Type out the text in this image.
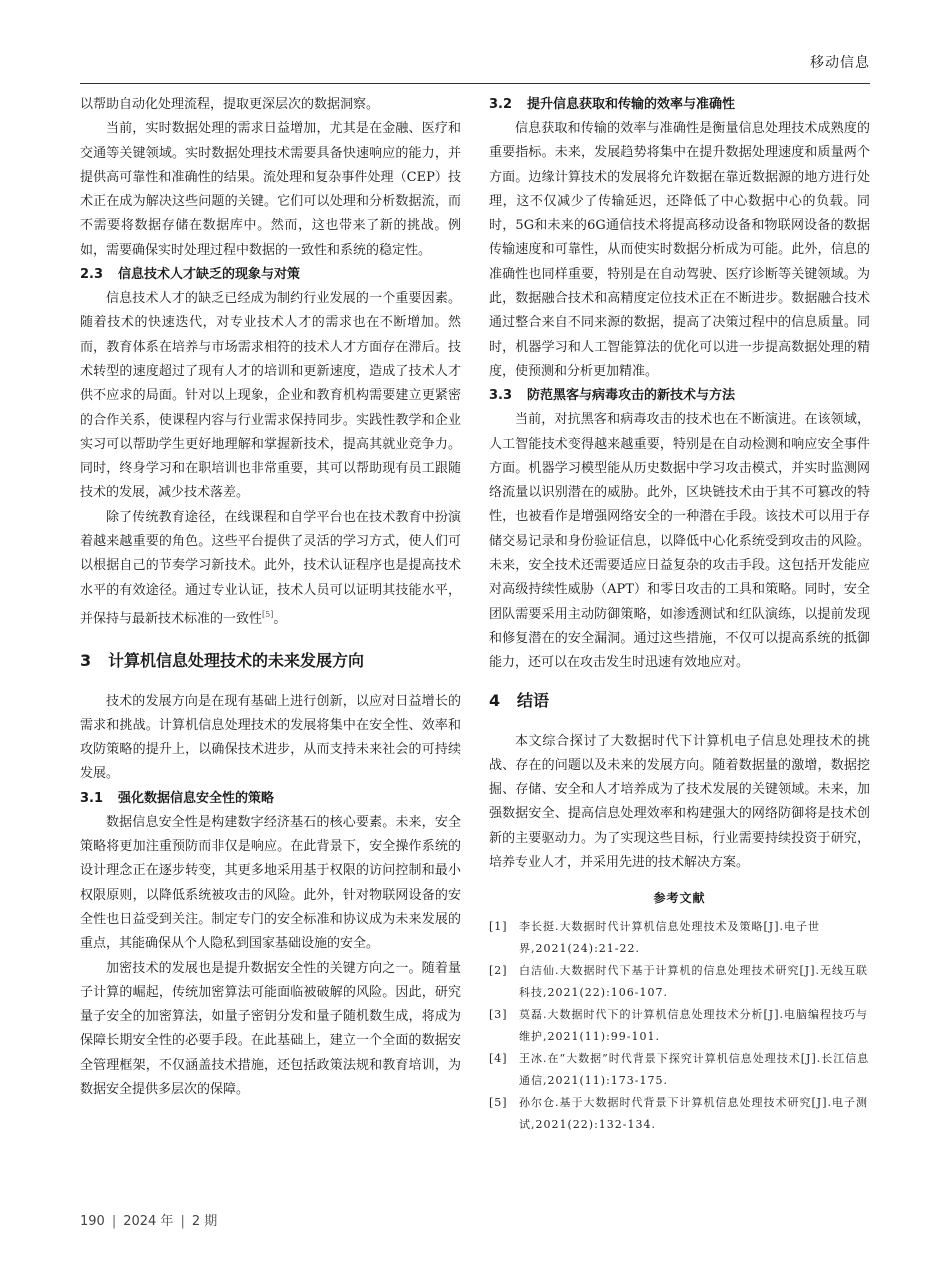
移动信息

以帮助自动化处理流程，提取更深层次的数据洞察。

当前，实时数据处理的需求日益增加，尤其是在金融、医疗和交通等关键领域。实时数据处理技术需要具备快速响应的能力，并提供高可靠性和准确性的结果。流处理和复杂事件处理（CEP）技术正在成为解决这些问题的关键。它们可以处理和分析数据流，而不需要将数据存储在数据库中。然而，这也带来了新的挑战。例如，需要确保实时处理过程中数据的一致性和系统的稳定性。

2.3 信息技术人才缺乏的现象与对策

信息技术人才的缺乏已经成为制约行业发展的一个重要因素。随着技术的快速迭代，对专业技术人才的需求也在不断增加。然而，教育体系在培养与市场需求相符的技术人才方面存在滞后。技术转型的速度超过了现有人才的培训和更新速度，造成了技术人才供不应求的局面。针对以上现象，企业和教育机构需要建立更紧密的合作关系，使课程内容与行业需求保持同步。实践性教学和企业实习可以帮助学生更好地理解和掌握新技术，提高其就业竞争力。同时，终身学习和在职培训也非常重要，其可以帮助现有员工跟随技术的发展，减少技术落差。

除了传统教育途径，在线课程和自学平台也在技术教育中扮演着越来越重要的角色。这些平台提供了灵活的学习方式，使人们可以根据自己的节奏学习新技术。此外，技术认证程序也是提高技术水平的有效途径。通过专业认证，技术人员可以证明其技能水平，并保持与最新技术标准的一致性[5]。

3 计算机信息处理技术的未来发展方向

技术的发展方向是在现有基础上进行创新，以应对日益增长的需求和挑战。计算机信息处理技术的发展将集中在安全性、效率和攻防策略的提升上，以确保技术进步，从而支持未来社会的可持续发展。

3.1 强化数据信息安全性的策略

数据信息安全性是构建数字经济基石的核心要素。未来，安全策略将更加注重预防而非仅是响应。在此背景下，安全操作系统的设计理念正在逐步转变，其更多地采用基于权限的访问控制和最小权限原则，以降低系统被攻击的风险。此外，针对物联网设备的安全性也日益受到关注。制定专门的安全标准和协议成为未来发展的重点，其能确保从个人隐私到国家基础设施的安全。

加密技术的发展也是提升数据安全性的关键方向之一。随着量子计算的崛起，传统加密算法可能面临被破解的风险。因此，研究量子安全的加密算法，如量子密钥分发和量子随机数生成，将成为保障长期安全性的必要手段。在此基础上，建立一个全面的数据安全管理框架，不仅涵盖技术措施，还包括政策法规和教育培训，为数据安全提供多层次的保障。

3.2 提升信息获取和传输的效率与准确性

信息获取和传输的效率与准确性是衡量信息处理技术成熟度的重要指标。未来，发展趋势将集中在提升数据处理速度和质量两个方面。边缘计算技术的发展将允许数据在靠近数据源的地方进行处理，这不仅减少了传输延迟，还降低了中心数据中心的负载。同时，5G和未来的6G通信技术将提高移动设备和物联网设备的数据传输速度和可靠性，从而使实时数据分析成为可能。此外，信息的准确性也同样重要，特别是在自动驾驶、医疗诊断等关键领域。为此，数据融合技术和高精度定位技术正在不断进步。数据融合技术通过整合来自不同来源的数据，提高了决策过程中的信息质量。同时，机器学习和人工智能算法的优化可以进一步提高数据处理的精度，使预测和分析更加精准。

3.3 防范黑客与病毒攻击的新技术与方法

当前，对抗黑客和病毒攻击的技术也在不断演进。在该领域，人工智能技术变得越来越重要，特别是在自动检测和响应安全事件方面。机器学习模型能从历史数据中学习攻击模式，并实时监测网络流量以识别潜在的威胁。此外，区块链技术由于其不可篡改的特性，也被看作是增强网络安全的一种潜在手段。该技术可以用于存储交易记录和身份验证信息，以降低中心化系统受到攻击的风险。未来，安全技术还需要适应日益复杂的攻击手段。这包括开发能应对高级持续性威胁（APT）和零日攻击的工具和策略。同时，安全团队需要采用主动防御策略，如渗透测试和红队演练，以提前发现和修复潜在的安全漏洞。通过这些措施，不仅可以提高系统的抵御能力，还可以在攻击发生时迅速有效地应对。

4 结语

本文综合探讨了大数据时代下计算机电子信息处理技术的挑战、存在的问题以及未来的发展方向。随着数据量的激增，数据挖掘、存储、安全和人才培养成为了技术发展的关键领域。未来，加强数据安全、提高信息处理效率和构建强大的网络防御将是技术创新的主要驱动力。为了实现这些目标，行业需要持续投资于研究，培养专业人才，并采用先进的技术解决方案。

参考文献
[1]	李长挺.大数据时代计算机信息处理技术及策略[J].电子世界,2021(24):21-22.
[2]	白洁仙.大数据时代下基于计算机的信息处理技术研究[J].无线互联科技,2021(22):106-107.
[3]	莫磊.大数据时代下的计算机信息处理技术分析[J].电脑编程技巧与维护,2021(11):99-101.
[4]	王冰.在“大数据”时代背景下探究计算机信息处理技术[J].长江信息通信,2021(11):173-175.
[5]	孙尔仓.基于大数据时代背景下计算机信息处理技术研究[J].电子测试,2021(22):132-134.
190 | 2024 年 | 2 期
